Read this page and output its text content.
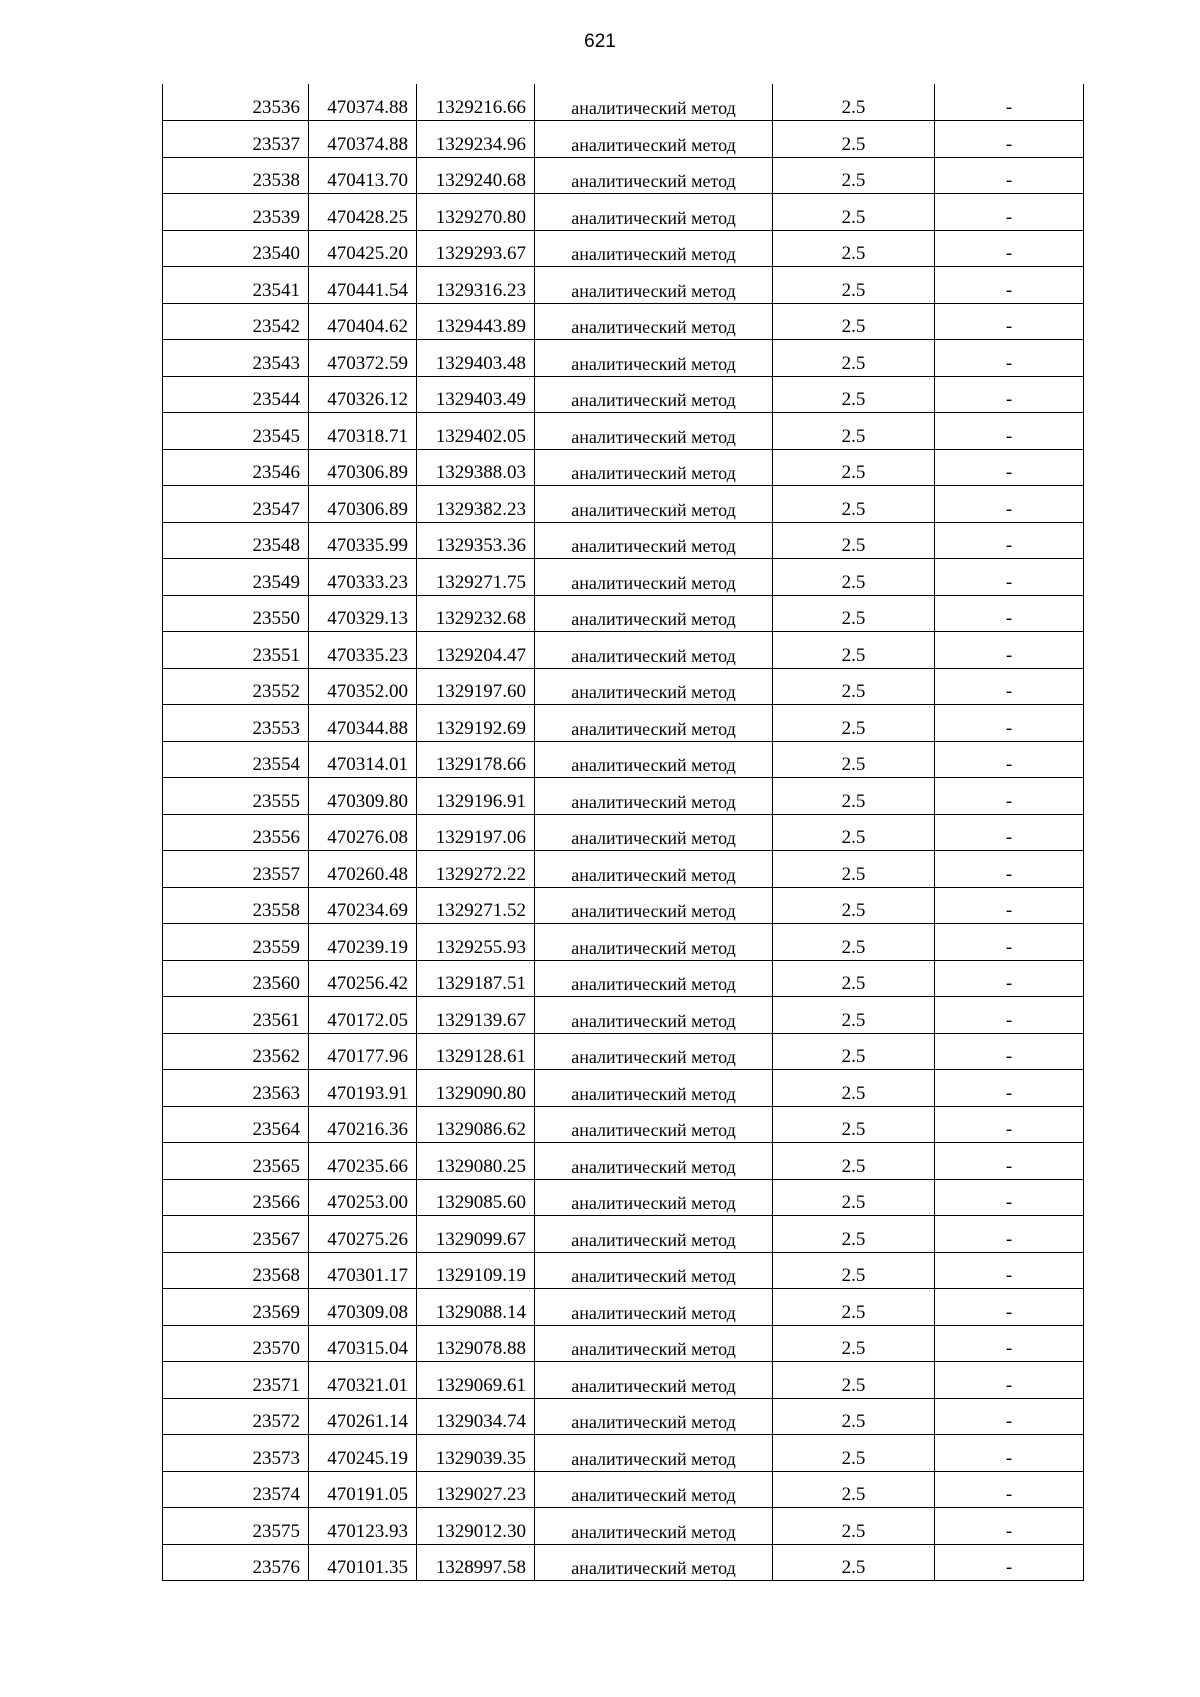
621
23536	470374.88	1329216.66	аналитический метод	2.5	-
23537	470374.88	1329234.96	аналитический метод	2.5	-
23538	470413.70	1329240.68	аналитический метод	2.5	-
23539	470428.25	1329270.80	аналитический метод	2.5	-
23540	470425.20	1329293.67	аналитический метод	2.5	-
23541	470441.54	1329316.23	аналитический метод	2.5	-
23542	470404.62	1329443.89	аналитический метод	2.5	-
23543	470372.59	1329403.48	аналитический метод	2.5	-
23544	470326.12	1329403.49	аналитический метод	2.5	-
23545	470318.71	1329402.05	аналитический метод	2.5	-
23546	470306.89	1329388.03	аналитический метод	2.5	-
23547	470306.89	1329382.23	аналитический метод	2.5	-
23548	470335.99	1329353.36	аналитический метод	2.5	-
23549	470333.23	1329271.75	аналитический метод	2.5	-
23550	470329.13	1329232.68	аналитический метод	2.5	-
23551	470335.23	1329204.47	аналитический метод	2.5	-
23552	470352.00	1329197.60	аналитический метод	2.5	-
23553	470344.88	1329192.69	аналитический метод	2.5	-
23554	470314.01	1329178.66	аналитический метод	2.5	-
23555	470309.80	1329196.91	аналитический метод	2.5	-
23556	470276.08	1329197.06	аналитический метод	2.5	-
23557	470260.48	1329272.22	аналитический метод	2.5	-
23558	470234.69	1329271.52	аналитический метод	2.5	-
23559	470239.19	1329255.93	аналитический метод	2.5	-
23560	470256.42	1329187.51	аналитический метод	2.5	-
23561	470172.05	1329139.67	аналитический метод	2.5	-
23562	470177.96	1329128.61	аналитический метод	2.5	-
23563	470193.91	1329090.80	аналитический метод	2.5	-
23564	470216.36	1329086.62	аналитический метод	2.5	-
23565	470235.66	1329080.25	аналитический метод	2.5	-
23566	470253.00	1329085.60	аналитический метод	2.5	-
23567	470275.26	1329099.67	аналитический метод	2.5	-
23568	470301.17	1329109.19	аналитический метод	2.5	-
23569	470309.08	1329088.14	аналитический метод	2.5	-
23570	470315.04	1329078.88	аналитический метод	2.5	-
23571	470321.01	1329069.61	аналитический метод	2.5	-
23572	470261.14	1329034.74	аналитический метод	2.5	-
23573	470245.19	1329039.35	аналитический метод	2.5	-
23574	470191.05	1329027.23	аналитический метод	2.5	-
23575	470123.93	1329012.30	аналитический метод	2.5	-
23576	470101.35	1328997.58	аналитический метод	2.5	-
